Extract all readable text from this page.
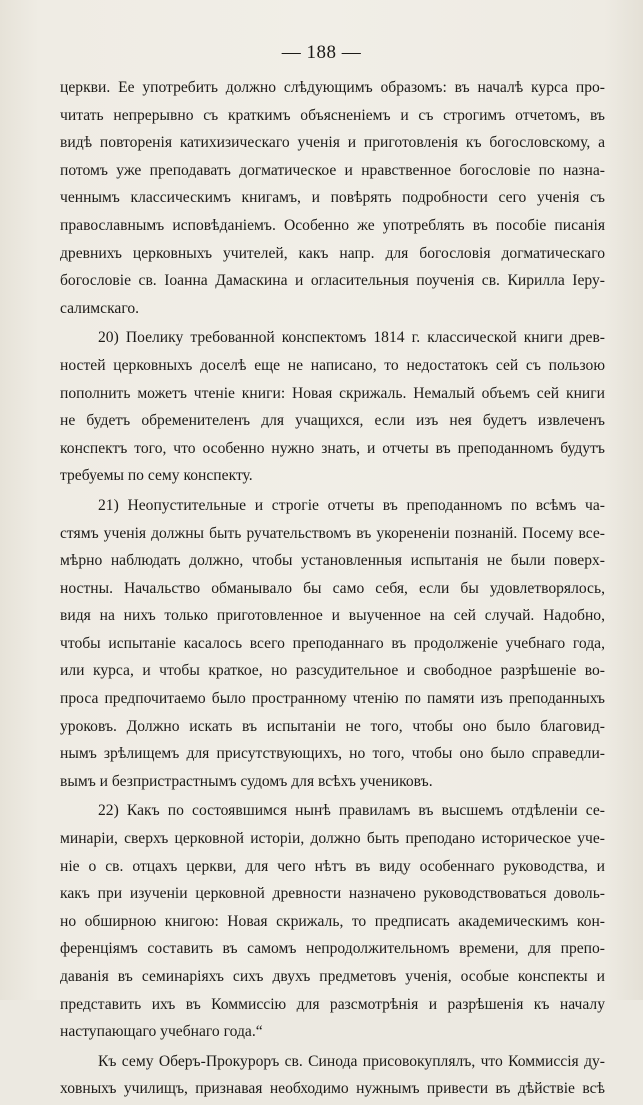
— 188 —
церкви. Ее употребить должно слѣдующимъ образомъ: въ началѣ курса про-
читать непрерывно съ краткимъ объясненіемъ и съ строгимъ отчетомъ, въ
видѣ повторенія катихизическаго ученія и приготовленія къ богословскому, а
потомъ уже преподавать догматическое и нравственное богословіе по назна-
ченнымъ классическимъ книгамъ, и повѣрять подробности сего ученія съ
православнымъ исповѣданіемъ. Особенно же употреблять въ пособіе писанія
древнихъ церковныхъ учителей, какъ напр. для богословія догматическаго
богословіе св. Іоанна Дамаскина и огласительныя поученія св. Кирилла Іеру-
салимскаго.
20) Поелику требованной конспектомъ 1814 г. классической книги древ-
ностей церковныхъ доселѣ еще не написано, то недостатокъ сей съ пользою
пополнить можетъ чтеніе книги: Новая скрижаль. Немалый объемъ сей книги
не будетъ обременителенъ для учащихся, если изъ нея будетъ извлеченъ
конспектъ того, что особенно нужно знать, и отчеты въ преподанномъ будутъ
требуемы по сему конспекту.
21) Неопустительные и строгіе отчеты въ преподанномъ по всѣмъ ча-
стямъ ученія должны быть ручательствомъ въ укорененіи познаній. Посему все-
мѣрно наблюдать должно, чтобы установленныя испытанія не были поверх-
ностны. Начальство обманывало бы само себя, если бы удовлетворялось,
видя на нихъ только приготовленное и выученное на сей случай. Надобно,
чтобы испытаніе касалось всего преподаннаго въ продолженіе учебнаго года,
или курса, и чтобы краткое, но разсудительное и свободное разрѣшеніе во-
проса предпочитаемо было пространному чтенію по памяти изъ преподанныхъ
уроковъ. Должно искать въ испытаніи не того, чтобы оно было благовид-
нымъ зрѣлищемъ для присутствующихъ, но того, чтобы оно было справедли-
вымъ и безпристрастнымъ судомъ для всѣхъ учениковъ.
22) Какъ по состоявшимся нынѣ правиламъ въ высшемъ отдѣленіи се-
минаріи, сверхъ церковной исторіи, должно быть преподано историческое уче-
ніе о св. отцахъ церкви, для чего нѣтъ въ виду особеннаго руководства, и
какъ при изученіи церковной древности назначено руководствоваться доволь-
но обширною книгою: Новая скрижаль, то предписать академическимъ кон-
ференціямъ составить въ самомъ непродолжительномъ времени, для препо-
даванія въ семинаріяхъ сихъ двухъ предметовъ ученія, особые конспекты и
представить ихъ въ Коммиссію для разсмотрѣнія и разрѣшенія къ началу
наступающаго учебнаго года.“
Къ сему Оберъ-Прокуроръ св. Синода присовокуплялъ, что Коммиссія ду-
ховныхъ училищъ, признавая необходимо нужнымъ привести въ дѣйствіе всѣ
